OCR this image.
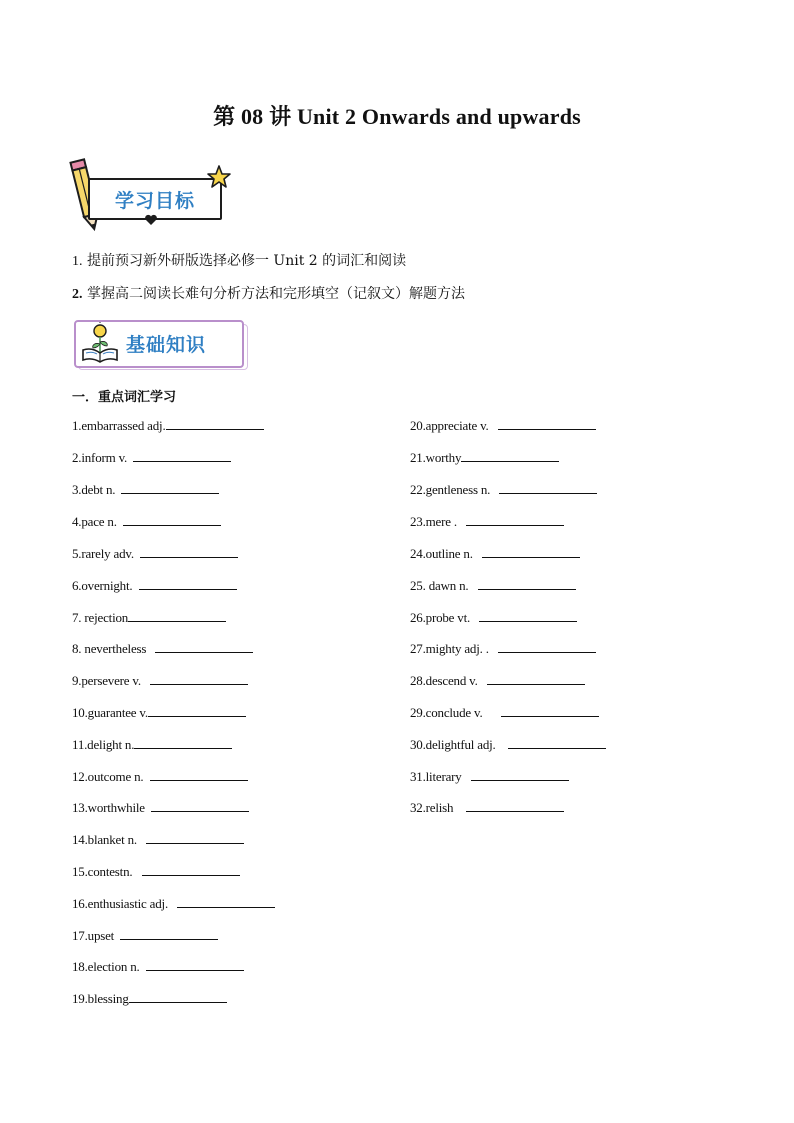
第 08 讲 Unit 2 Onwards and upwards
学习目标
1. 提前预习新外研版选择必修一 Unit 2 的词汇和阅读
2. 掌握高二阅读长难句分析方法和完形填空（记叙文）解题方法
基础知识
一．重点词汇学习
1.embarrassed adj.
2.inform v.
3.debt n.
4.pace n.
5.rarely adv.
6.overnight.
7. rejection
8. nevertheless
9.persevere v.
10.guarantee v.
11.delight n.
12.outcome n.
13.worthwhile
14.blanket n.
15.contestn.
16.enthusiastic adj.
17.upset
18.election n.
19.blessing
20.appreciate v.
21.worthy
22.gentleness n.
23.mere .
24.outline n.
25. dawn n.
26.probe vt.
27.mighty adj. .
28.descend v.
29.conclude v.
30.delightful adj.
31.literary
32.relish
